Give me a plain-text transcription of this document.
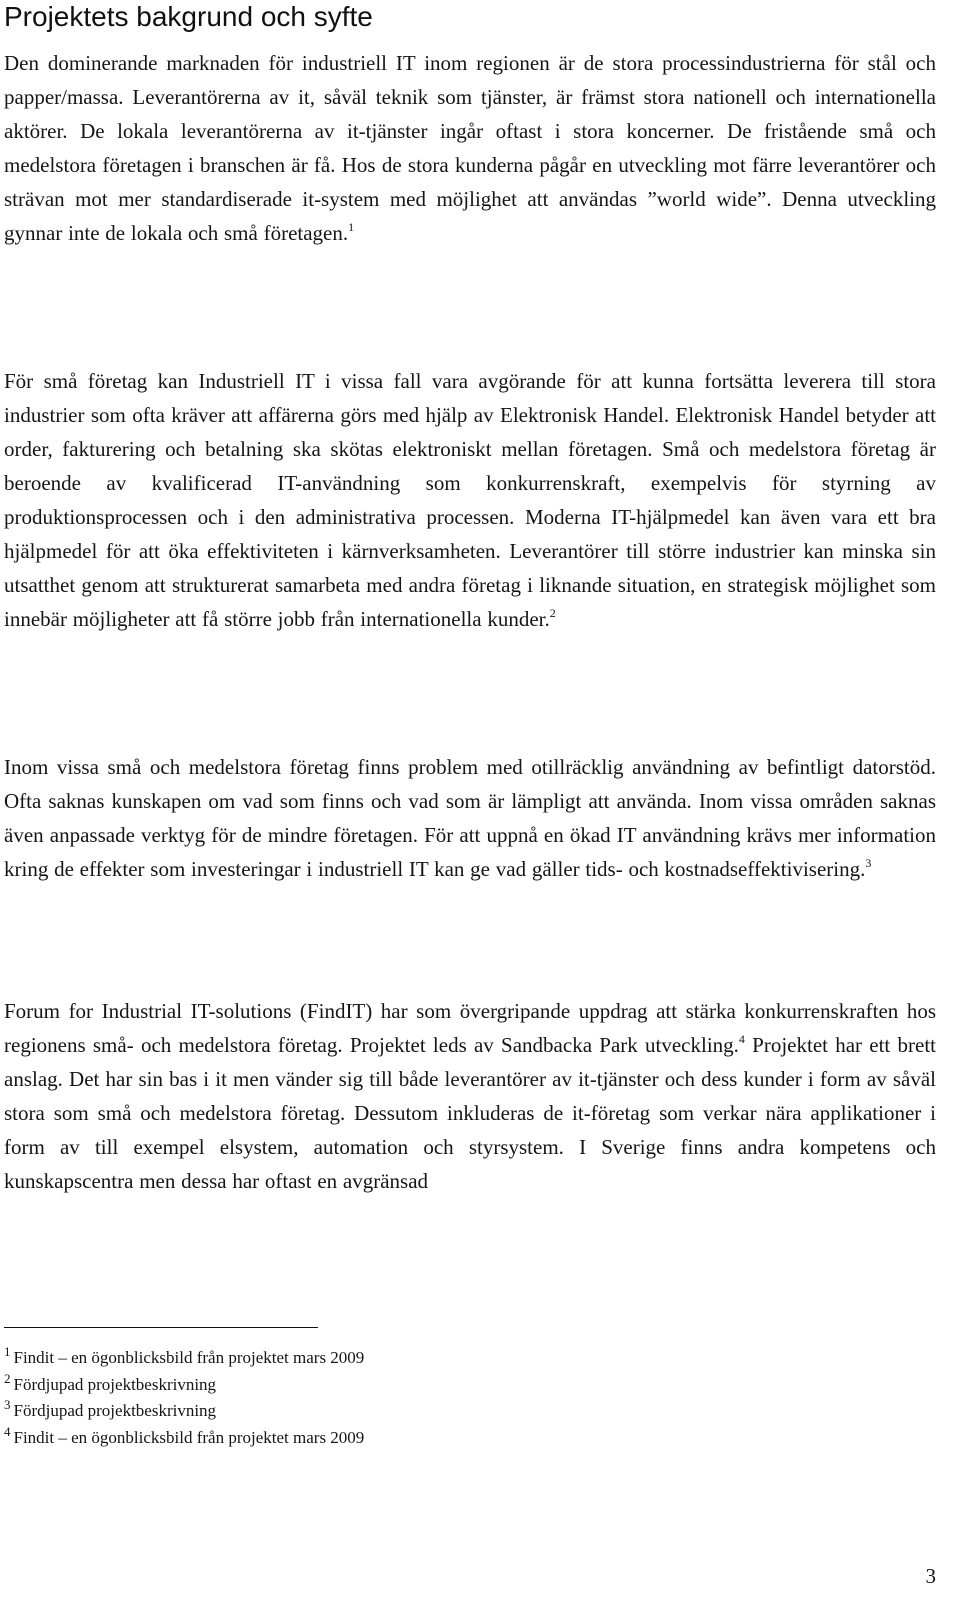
Projektets bakgrund och syfte

Den dominerande marknaden för industriell IT inom regionen är de stora processindustrierna för stål och papper/massa. Leverantörerna av it, såväl teknik som tjänster, är främst stora nationell och internationella aktörer. De lokala leverantörerna av it-tjänster ingår oftast i stora koncerner. De fristående små och medelstora företagen i branschen är få. Hos de stora kunderna pågår en utveckling mot färre leverantörer och strävan mot mer standardiserade it-system med möjlighet att användas ”world wide”. Denna utveckling gynnar inte de lokala och små företagen.$^1$

För små företag kan Industriell IT i vissa fall vara avgörande för att kunna fortsätta leverera till stora industrier som ofta kräver att affärerna görs med hjälp av Elektronisk Handel. Elektronisk Handel betyder att order, fakturering och betalning ska skötas elektroniskt mellan företagen. Små och medelstora företag är beroende av kvalificerad IT-användning som konkurrenskraft, exempelvis för styrning av produktionsprocessen och i den administrativa processen. Moderna IT-hjälpmedel kan även vara ett bra hjälpmedel för att öka effektiviteten i kärnverksamheten. Leverantörer till större industrier kan minska sin utsatthet genom att strukturerat samarbeta med andra företag i liknande situation, en strategisk möjlighet som innebär möjligheter att få större jobb från internationella kunder.$^2$

Inom vissa små och medelstora företag finns problem med otillräcklig användning av befintligt datorstöd. Ofta saknas kunskapen om vad som finns och vad som är lämpligt att använda. Inom vissa områden saknas även anpassade verktyg för de mindre företagen. För att uppnå en ökad IT användning krävs mer information kring de effekter som investeringar i industriell IT kan ge vad gäller tids- och kostnadseffektivisering.$^3$

Forum for Industrial IT-solutions (FindIT) har som övergripande uppdrag att stärka konkurrenskraften hos regionens små- och medelstora företag. Projektet leds av Sandbacka Park utveckling.$^4$ Projektet har ett brett anslag. Det har sin bas i it men vänder sig till både leverantörer av it-tjänster och dess kunder i form av såväl stora som små och medelstora företag. Dessutom inkluderas de it-företag som verkar nära applikationer i form av till exempel elsystem, automation och styrsystem. I Sverige finns andra kompetens och kunskapscentra men dessa har oftast en avgränsad

$^1$ Findit – en ögonblicksbild från projektet mars 2009
$^2$ Fördjupad projektbeskrivning
$^3$ Fördjupad projektbeskrivning
$^4$ Findit – en ögonblicksbild från projektet mars 2009
3
